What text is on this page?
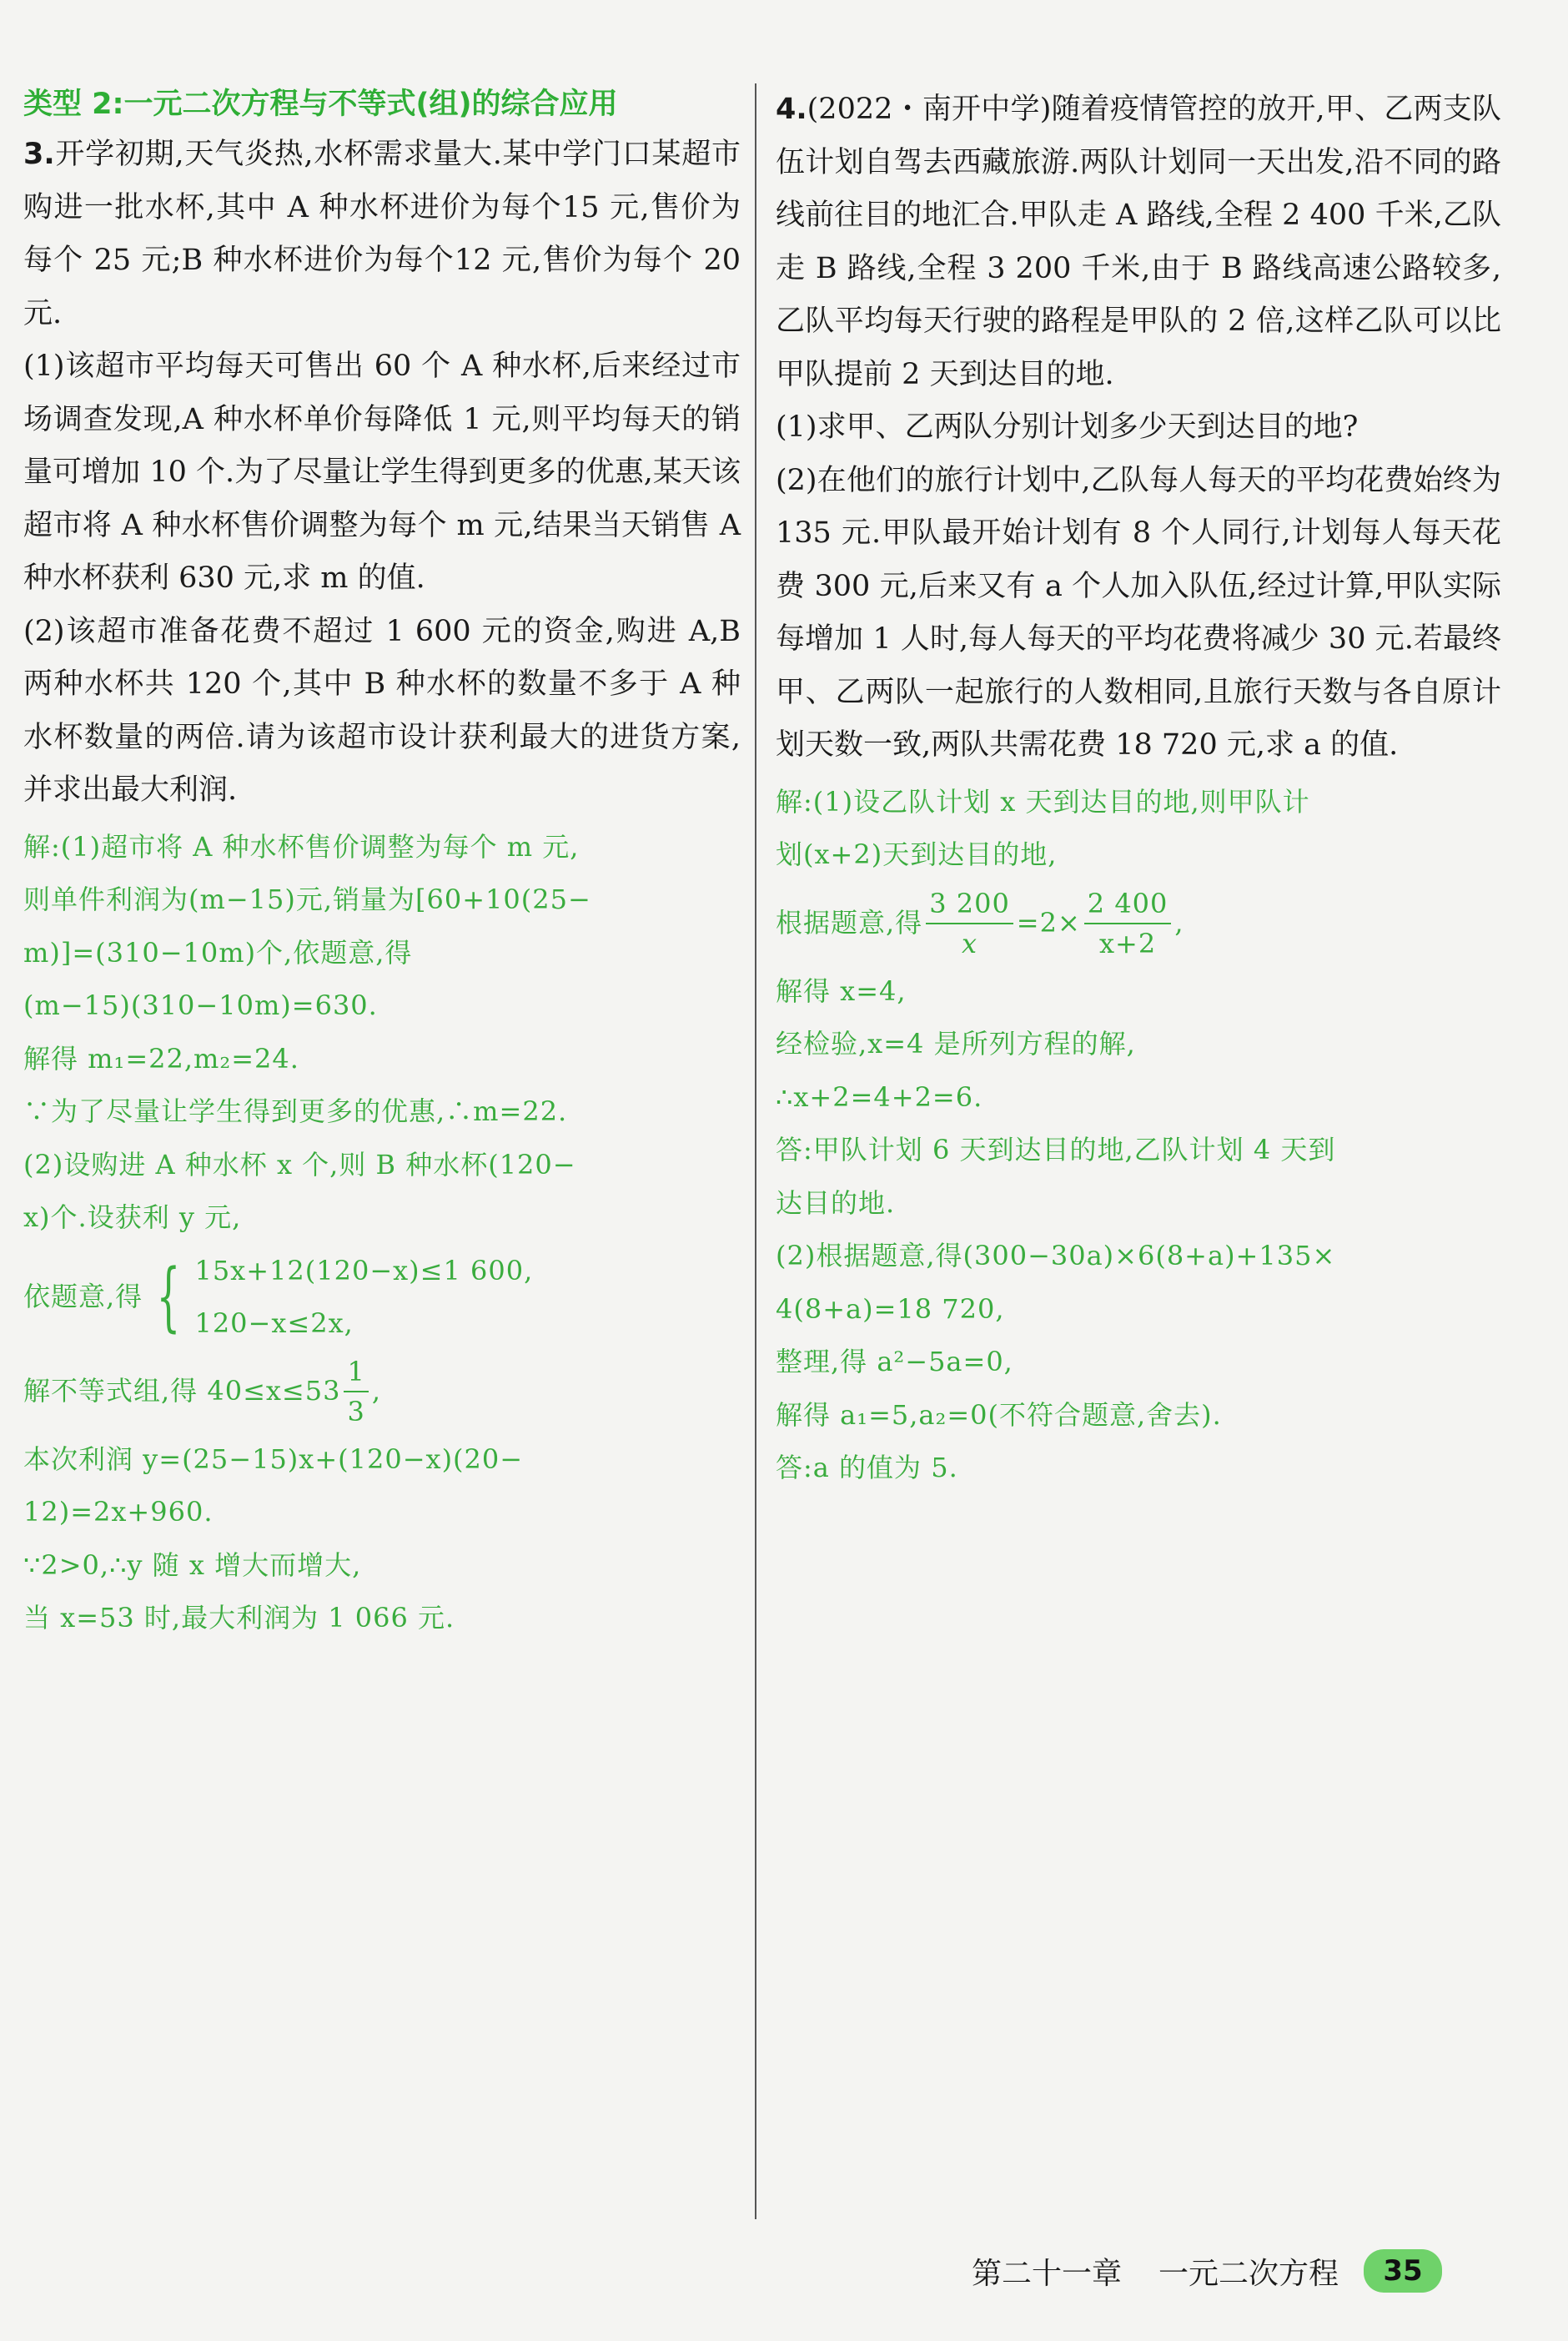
类型 2:一元二次方程与不等式(组)的综合应用

3.开学初期,天气炎热,水杯需求量大.某中学门口某超市购进一批水杯,其中 A 种水杯进价为每个15 元,售价为每个 25 元;B 种水杯进价为每个12 元,售价为每个 20 元.

(1)该超市平均每天可售出 60 个 A 种水杯,后来经过市场调查发现,A 种水杯单价每降低 1 元,则平均每天的销量可增加 10 个.为了尽量让学生得到更多的优惠,某天该超市将 A 种水杯售价调整为每个 m 元,结果当天销售 A 种水杯获利 630 元,求 m 的值.

(2)该超市准备花费不超过 1 600 元的资金,购进 A,B 两种水杯共 120 个,其中 B 种水杯的数量不多于 A 种水杯数量的两倍.请为该超市设计获利最大的进货方案,并求出最大利润.

解:(1)超市将 A 种水杯售价调整为每个 m 元,
则单件利润为(m−15)元,销量为[60+10(25−
m)]=(310−10m)个,依题意,得
(m−15)(310−10m)=630.
解得 m₁=22,m₂=24.
∵为了尽量让学生得到更多的优惠,∴m=22.
(2)设购进 A 种水杯 x 个,则 B 种水杯(120−
x)个.设获利 y 元,
依题意,得 { 15x+12(120−x)≤1 600,
120−x≤2x,
解不等式组,得 $40\le x\le 53 \frac{1}{3}$ ,
本次利润 y=(25−15)x+(120−x)(20−
12)=2x+960.
∵2>0,∴y 随 x 增大而增大,
当 x=53 时,最大利润为 1 066 元.

4.(2022・南开中学)随着疫情管控的放开,甲、乙两支队伍计划自驾去西藏旅游.两队计划同一天出发,沿不同的路线前往目的地汇合.甲队走 A 路线,全程 2 400 千米,乙队走 B 路线,全程 3 200 千米,由于 B 路线高速公路较多,乙队平均每天行驶的路程是甲队的 2 倍,这样乙队可以比甲队提前 2 天到达目的地.

(1)求甲、乙两队分别计划多少天到达目的地?

(2)在他们的旅行计划中,乙队每人每天的平均花费始终为 135 元.甲队最开始计划有 8 个人同行,计划每人每天花费 300 元,后来又有 a 个人加入队伍,经过计算,甲队实际每增加 1 人时,每人每天的平均花费将减少 30 元.若最终甲、乙两队一起旅行的人数相同,且旅行天数与各自原计划天数一致,两队共需花费 18 720 元,求 a 的值.

解:(1)设乙队计划 x 天到达目的地,则甲队计
划(x+2)天到达目的地,
根据题意,得 $\frac{3 200}{x} =2\times \frac{2 400}{x+2}$ ,
解得 x=4,
经检验,x=4 是所列方程的解,
∴x+2=4+2=6.
答:甲队计划 6 天到达目的地,乙队计划 4 天到
达目的地.
(2)根据题意,得(300−30a)×6(8+a)+135×
4(8+a)=18 720,
整理,得 a²−5a=0,
解得 a₁=5,a₂=0(不符合题意,舍去).
答:a 的值为 5.
第二十一章 一元二次方程	35
